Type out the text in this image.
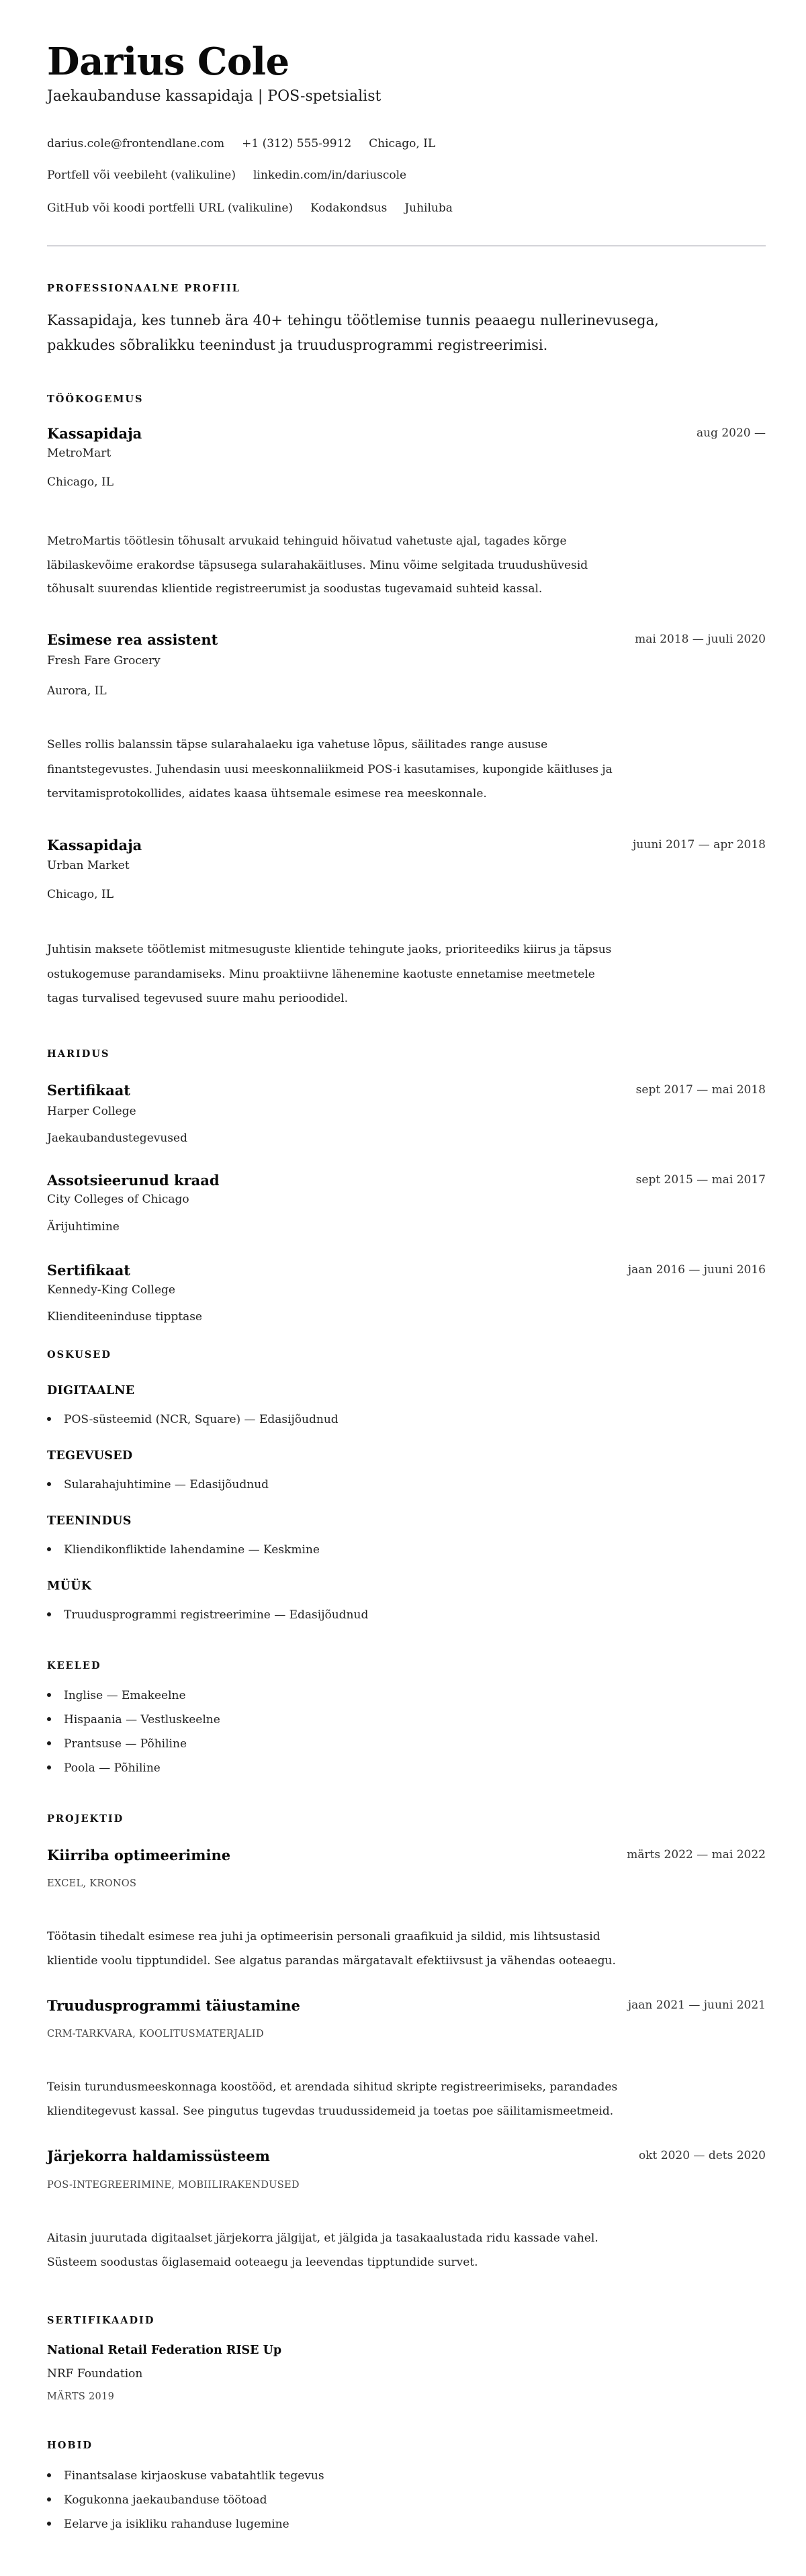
Darius Cole
Jaekaubanduse kassapidaja | POS-spetsialist
darius.cole@frontendlane.com +1 (312) 555-9912 Chicago, IL
Portfell või veebileht (valikuline) linkedin.com/in/dariuscole
GitHub või koodi portfelli URL (valikuline) Kodakondsus Juhiluba
PROFESSIONAALNE PROFIIL
Kassapidaja, kes tunneb ära 40+ tehingu töötlemise tunnis peaaegu nullerinevusega,
pakkudes sõbralikku teenindust ja truudusprogrammi registreerimisi.
TÖÖKOGEMUS
Kassapidaja	aug 2020 —
MetroMart
Chicago, IL
MetroMartis töötlesin tõhusalt arvukaid tehinguid hõivatud vahetuste ajal, tagades kõrge
läbilaskevõime erakordse täpsusega sularahakäitluses. Minu võime selgitada truudushüvesid
tõhusalt suurendas klientide registreerumist ja soodustas tugevamaid suhteid kassal.
Esimese rea assistent	mai 2018 — juuli 2020
Fresh Fare Grocery
Aurora, IL
Selles rollis balanssin täpse sularahalaeku iga vahetuse lõpus, säilitades range aususe
finantstegevustes. Juhendasin uusi meeskonnaliikmeid POS-i kasutamises, kupongide käitluses ja
tervitamisprotokollides, aidates kaasa ühtsemale esimese rea meeskonnale.
Kassapidaja	juuni 2017 — apr 2018
Urban Market
Chicago, IL
Juhtisin maksete töötlemist mitmesuguste klientide tehingute jaoks, prioriteediks kiirus ja täpsus
ostukogemuse parandamiseks. Minu proaktiivne lähenemine kaotuste ennetamise meetmetele
tagas turvalised tegevused suure mahu perioodidel.
HARIDUS
Sertifikaat	sept 2017 — mai 2018
Harper College
Jaekaubandustegevused
Assotsieerunud kraad	sept 2015 — mai 2017
City Colleges of Chicago
Ärijuhtimine
Sertifikaat	jaan 2016 — juuni 2016
Kennedy-King College
Klienditeeninduse tipptase
OSKUSED
DIGITAALNE
POS-süsteemid (NCR, Square) — Edasijõudnud
TEGEVUSED
Sularahajuhtimine — Edasijõudnud
TEENINDUS
Kliendikonfliktide lahendamine — Keskmine
MÜÜK
Truudusprogrammi registreerimine — Edasijõudnud
KEELED
Inglise — Emakeelne
Hispaania — Vestluskeelne
Prantsuse — Põhiline
Poola — Põhiline
PROJEKTID
Kiirriba optimeerimine	märts 2022 — mai 2022
EXCEL, KRONOS
Töötasin tihedalt esimese rea juhi ja optimeerisin personali graafikuid ja sildid, mis lihtsustasid
klientide voolu tipptundidel. See algatus parandas märgatavalt efektiivsust ja vähendas ooteaegu.
Truudusprogrammi täiustamine	jaan 2021 — juuni 2021
CRM-TARKVARA, KOOLITUSMATERJALID
Teisin turundusmeeskonnaga koostööd, et arendada sihitud skripte registreerimiseks, parandades
klienditegevust kassal. See pingutus tugevdas truudussidemeid ja toetas poe säilitamismeetmeid.
Järjekorra haldamissüsteem	okt 2020 — dets 2020
POS-INTEGREERIMINE, MOBIILIRAKENDUSED
Aitasin juurutada digitaalset järjekorra jälgijat, et jälgida ja tasakaalustada ridu kassade vahel.
Süsteem soodustas õiglasemaid ooteaegu ja leevendas tipptundide survet.
SERTIFIKAADID
National Retail Federation RISE Up
NRF Foundation
MÄRTS 2019
HOBID
Finantsalase kirjaoskuse vabatahtlik tegevus
Kogukonna jaekaubanduse töötoad
Eelarve ja isikliku rahanduse lugemine
